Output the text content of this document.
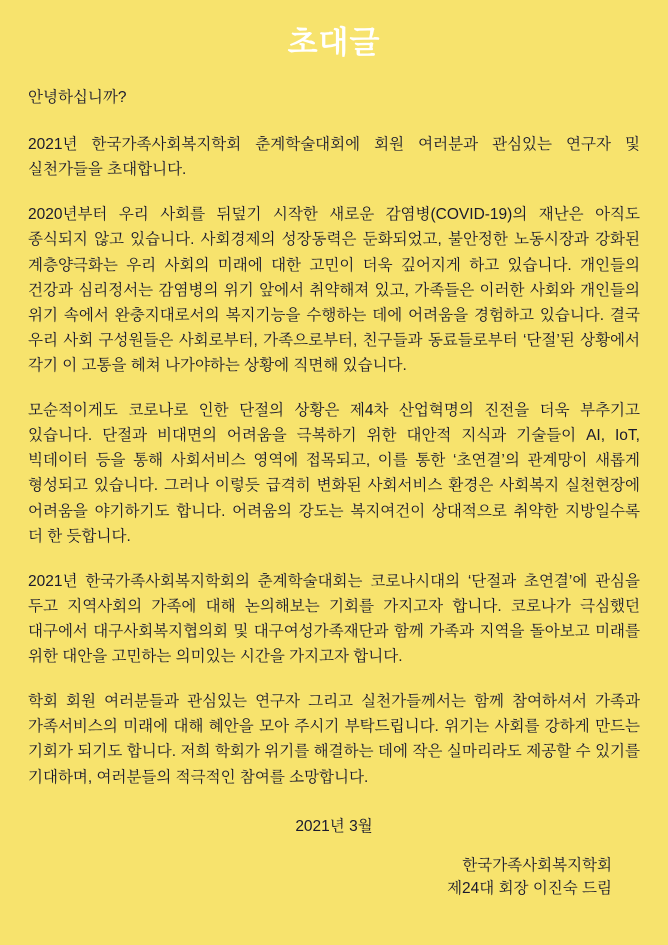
초대글

안녕하십니까?

2021년 한국가족사회복지학회 춘계학술대회에 회원 여러분과 관심있는 연구자 및 실천가들을 초대합니다.

2020년부터 우리 사회를 뒤덮기 시작한 새로운 감염병(COVID-19)의 재난은 아직도 종식되지 않고 있습니다. 사회경제의 성장동력은 둔화되었고, 불안정한 노동시장과 강화된 계층양극화는 우리 사회의 미래에 대한 고민이 더욱 깊어지게 하고 있습니다. 개인들의 건강과 심리정서는 감염병의 위기 앞에서 취약해져 있고, 가족들은 이러한 사회와 개인들의 위기 속에서 완충지대로서의 복지기능을 수행하는 데에 어려움을 경험하고 있습니다. 결국 우리 사회 구성원들은 사회로부터, 가족으로부터, 친구들과 동료들로부터 ‘단절’된 상황에서 각기 이 고통을 헤쳐 나가야하는 상황에 직면해 있습니다.

모순적이게도 코로나로 인한 단절의 상황은 제4차 산업혁명의 진전을 더욱 부추기고 있습니다. 단절과 비대면의 어려움을 극복하기 위한 대안적 지식과 기술들이 AI, IoT, 빅데이터 등을 통해 사회서비스 영역에 접목되고, 이를 통한 ‘초연결’의 관계망이 새롭게 형성되고 있습니다. 그러나 이렇듯 급격히 변화된 사회서비스 환경은 사회복지 실천현장에 어려움을 야기하기도 합니다. 어려움의 강도는 복지여건이 상대적으로 취약한 지방일수록 더 한 듯합니다.

2021년 한국가족사회복지학회의 춘계학술대회는 코로나시대의 ‘단절과 초연결’에 관심을 두고 지역사회의 가족에 대해 논의해보는 기회를 가지고자 합니다. 코로나가 극심했던 대구에서 대구사회복지협의회 및 대구여성가족재단과 함께 가족과 지역을 돌아보고 미래를 위한 대안을 고민하는 의미있는 시간을 가지고자 합니다.

학회 회원 여러분들과 관심있는 연구자 그리고 실천가들께서는 함께 참여하셔서 가족과 가족서비스의 미래에 대해 혜안을 모아 주시기 부탁드립니다. 위기는 사회를 강하게 만드는 기회가 되기도 합니다. 저희 학회가 위기를 해결하는 데에 작은 실마리라도 제공할 수 있기를 기대하며, 여러분들의 적극적인 참여를 소망합니다.

2021년 3월
한국가족사회복지학회
제24대 회장 이진숙 드림
